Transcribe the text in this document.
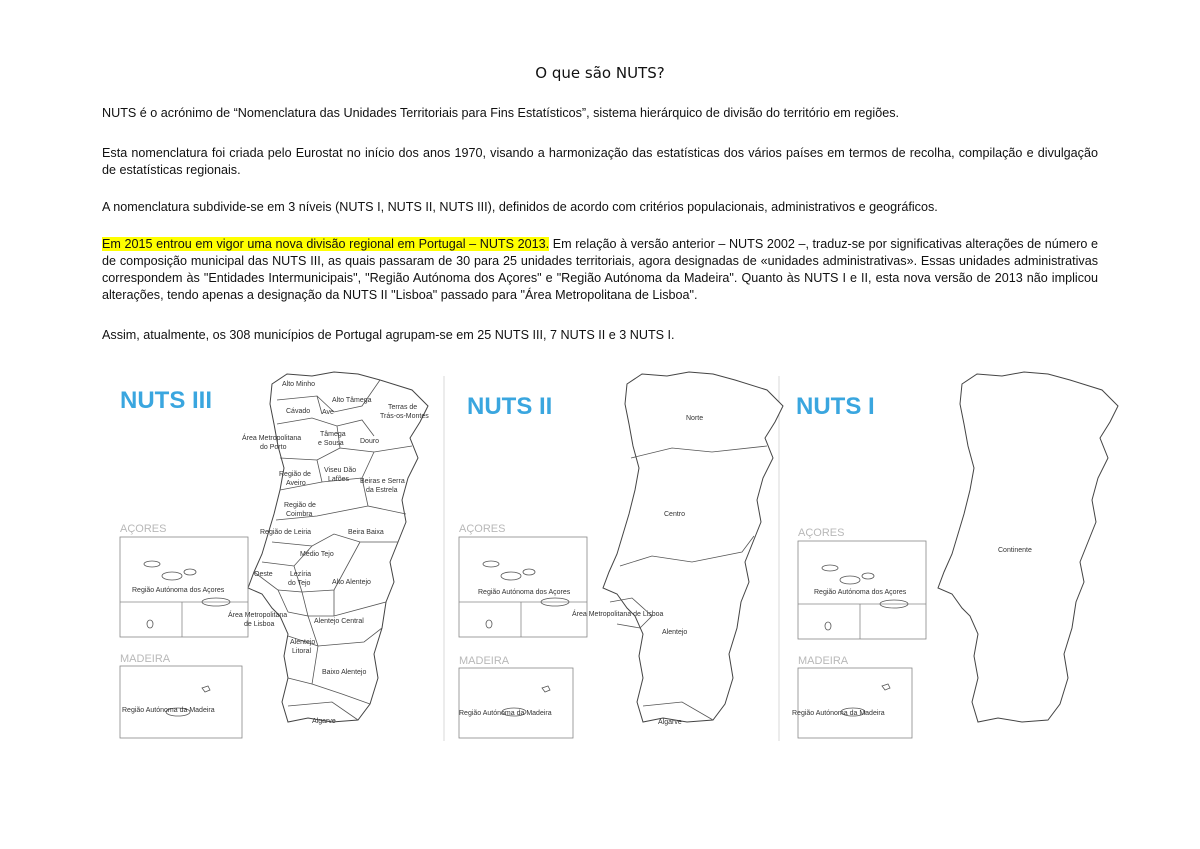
O que são NUTS?

NUTS é o acrónimo de “Nomenclatura das Unidades Territoriais para Fins Estatísticos”, sistema hierárquico de divisão do território em regiões.

Esta nomenclatura foi criada pelo Eurostat no início dos anos 1970, visando a harmonização das estatísticas dos vários países em termos de recolha, compilação e divulgação de estatísticas regionais.

A nomenclatura subdivide-se em 3 níveis (NUTS I, NUTS II, NUTS III), definidos de acordo com critérios populacionais, administrativos e geográficos.

Em 2015 entrou em vigor uma nova divisão regional em Portugal – NUTS 2013. Em relação à versão anterior – NUTS 2002 –, traduz-se por significativas alterações de número e de composição municipal das NUTS III, as quais passaram de 30 para 25 unidades territoriais, agora designadas de «unidades administrativas». Essas unidades administrativas correspondem às "Entidades Intermunicipais", "Região Autónoma dos Açores" e "Região Autónoma da Madeira". Quanto às NUTS I e II, esta nova versão de 2013 não implicou alterações, tendo apenas a designação da NUTS II "Lisboa" passado para "Área Metropolitana de Lisboa".

Assim, atualmente, os 308 municípios de Portugal agrupam-se em 25 NUTS III, 7 NUTS II e 3 NUTS I.

NUTS III
Alto Minho
Cávado Ave
Alto Tâmega
Terras de
Trás-os-Montes
Área Metropolitana
do Porto
Tâmega
e Sousa Douro
Região de
Aveiro
Viseu Dão
Lafões Beiras e Serra
da Estrela
Região de
Coimbra
Região de Leiria	Beira Baixa
Médio Tejo
Oeste Lezíria
do Tejo	Alto Alentejo
Área Metropolitana
de Lisboa	Alentejo Central
Alentejo
Litoral
Baixo Alentejo
Algarve
AÇORES
Região Autónoma dos Açores
MADEIRA
Região Autónoma da Madeira
NUTS II	Norte
Centro
Área Metropolitana de Lisboa
Alentejo
Algarve
AÇORES
Região Autónoma dos Açores
MADEIRA
Região Autónoma da Madeira
NUTS I
Continente
AÇORES
Região Autónoma dos Açores
MADEIRA
Região Autónoma da Madeira
